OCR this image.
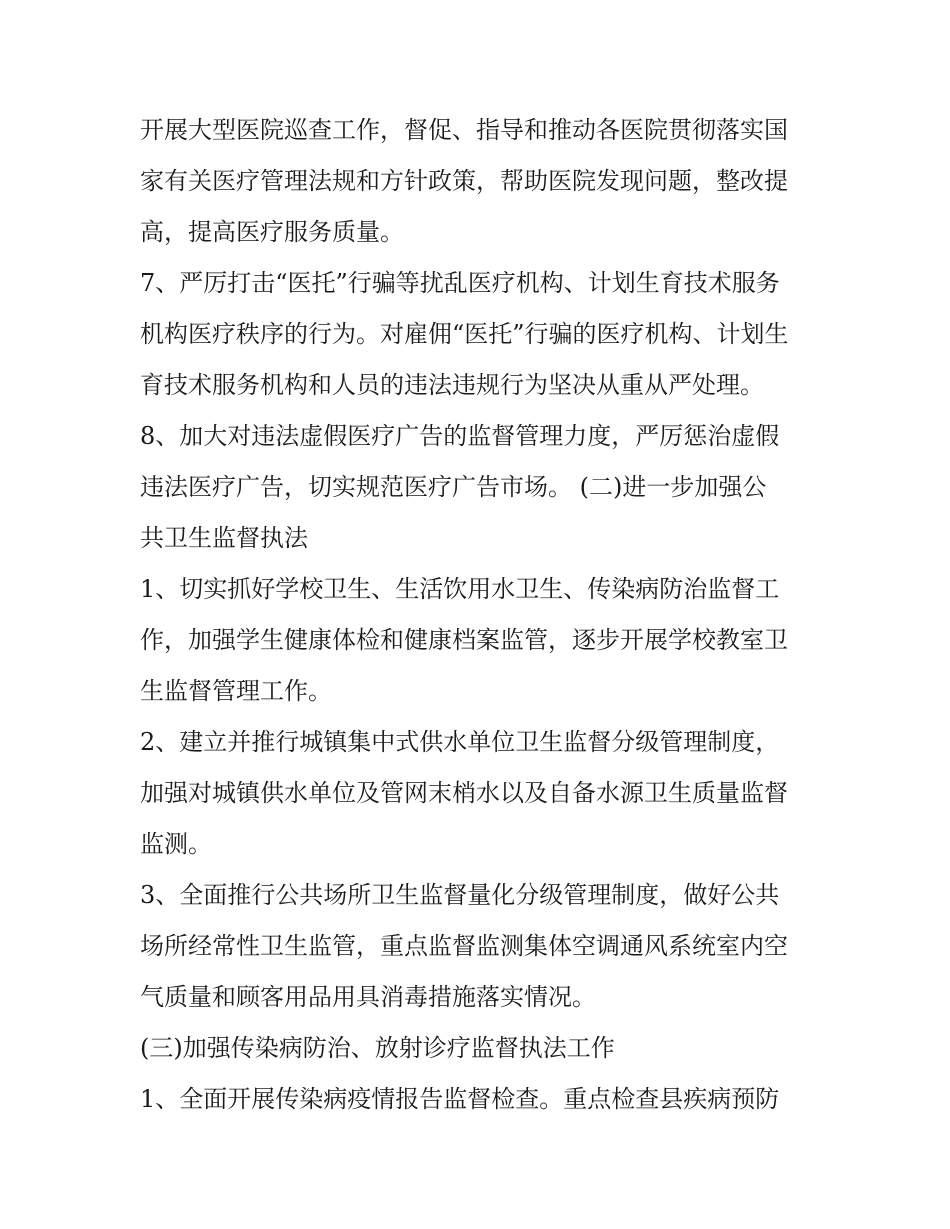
开展大型医院巡查工作，督促、指导和推动各医院贯彻落实国

家有关医疗管理法规和方针政策，帮助医院发现问题，整改提

高，提高医疗服务质量。

7、严厉打击“医托”行骗等扰乱医疗机构、计划生育技术服务

机构医疗秩序的行为。对雇佣“医托”行骗的医疗机构、计划生

育技术服务机构和人员的违法违规行为坚决从重从严处理。

8、加大对违法虚假医疗广告的监督管理力度，严厉惩治虚假

违法医疗广告，切实规范医疗广告市场。 (二)进一步加强公

共卫生监督执法

1、切实抓好学校卫生、生活饮用水卫生、传染病防治监督工

作，加强学生健康体检和健康档案监管，逐步开展学校教室卫

生监督管理工作。

2、建立并推行城镇集中式供水单位卫生监督分级管理制度，

加强对城镇供水单位及管网末梢水以及自备水源卫生质量监督

监测。

3、全面推行公共场所卫生监督量化分级管理制度，做好公共

场所经常性卫生监管，重点监督监测集体空调通风系统室内空

气质量和顾客用品用具消毒措施落实情况。

(三)加强传染病防治、放射诊疗监督执法工作

1、全面开展传染病疫情报告监督检查。重点检查县疾病预防
